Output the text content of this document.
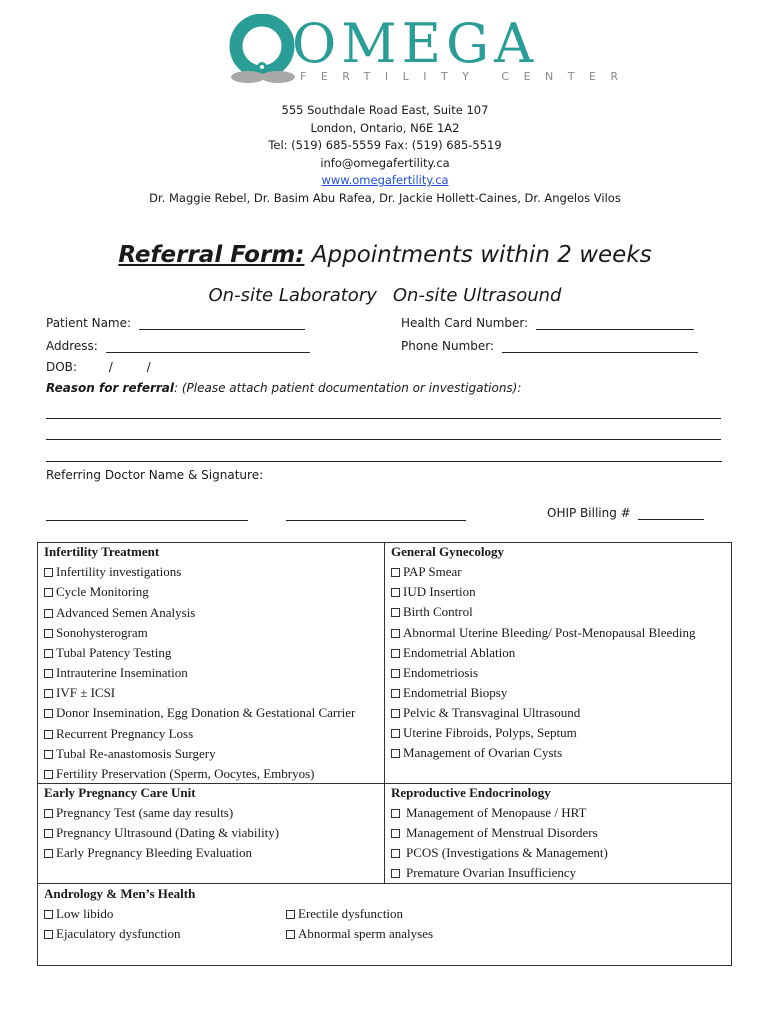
OMEGA
FERTILITY CENTER
555 Southdale Road East, Suite 107
London, Ontario, N6E 1A2
Tel: (519) 685-5559 Fax: (519) 685-5519
info@omegafertility.ca
www.omegafertility.ca
Dr. Maggie Rebel, Dr. Basim Abu Rafea, Dr. Jackie Hollett-Caines, Dr. Angelos Vilos
Referral Form: Appointments within 2 weeks
On-site Laboratory On-site Ultrasound
Patient Name:	Health Card Number:
Address:	Phone Number:
DOB:	/	/
Reason for referral: (Please attach patient documentation or investigations):
Referring Doctor Name & Signature:
OHIP Billing #
Infertility Treatment
Infertility investigations
Cycle Monitoring
Advanced Semen Analysis
Sonohysterogram
Tubal Patency Testing
Intrauterine Insemination
IVF ± ICSI
Donor Insemination, Egg Donation & Gestational Carrier
Recurrent Pregnancy Loss
Tubal Re-anastomosis Surgery
Fertility Preservation (Sperm, Oocytes, Embryos)
General Gynecology
PAP Smear
IUD Insertion
Birth Control
Abnormal Uterine Bleeding/ Post-Menopausal Bleeding
Endometrial Ablation
Endometriosis
Endometrial Biopsy
Pelvic & Transvaginal Ultrasound
Uterine Fibroids, Polyps, Septum
Management of Ovarian Cysts
Early Pregnancy Care Unit
Pregnancy Test (same day results)
Pregnancy Ultrasound (Dating & viability)
Early Pregnancy Bleeding Evaluation
Reproductive Endocrinology
Management of Menopause / HRT
Management of Menstrual Disorders
PCOS (Investigations & Management)
Premature Ovarian Insufficiency
Andrology & Men’s Health
Low libido
Ejaculatory dysfunction
Erectile dysfunction
Abnormal sperm analyses
